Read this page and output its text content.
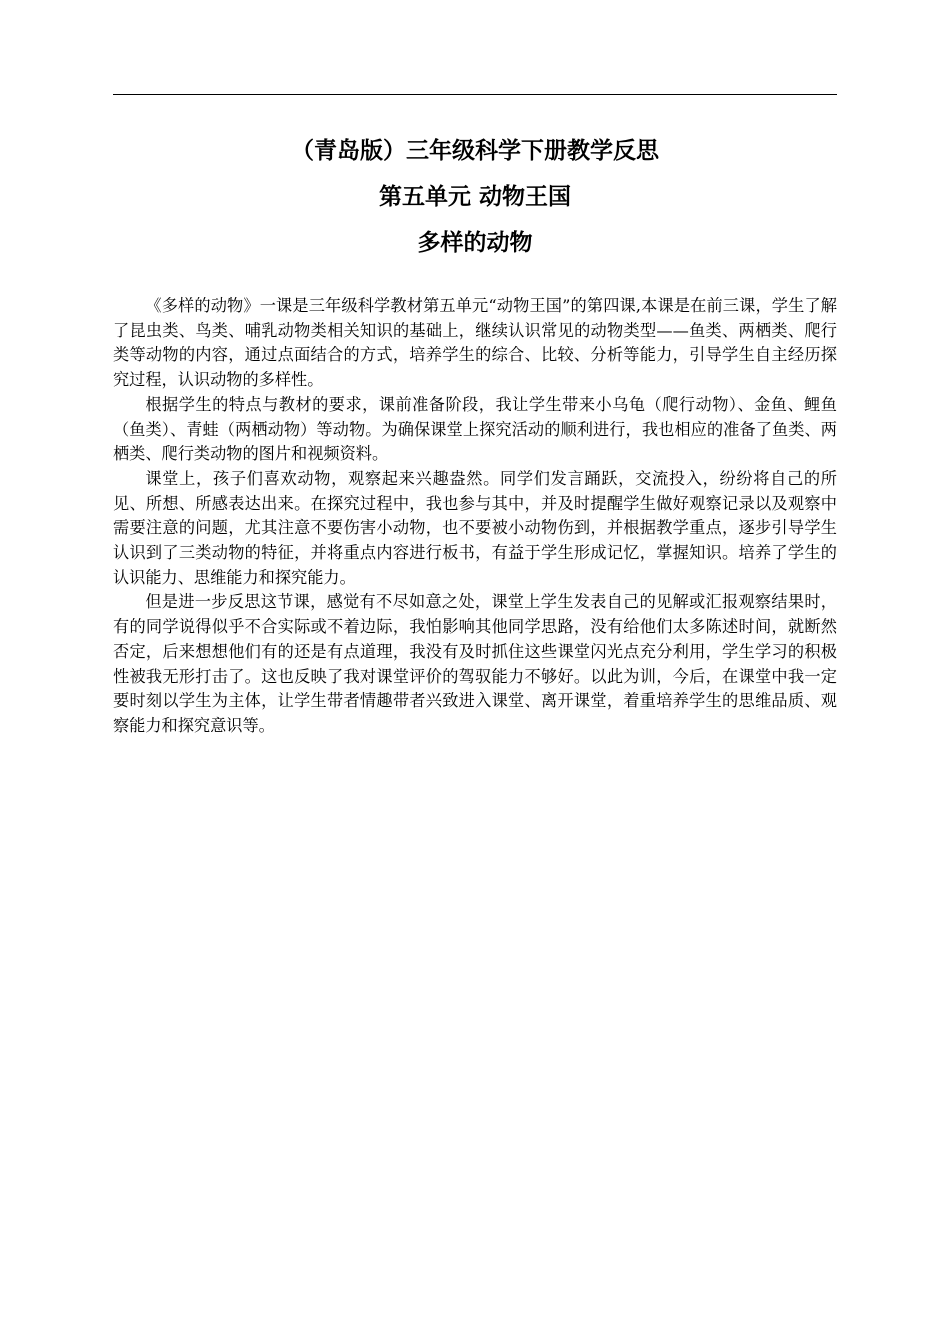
（青岛版）三年级科学下册教学反思
第五单元 动物王国
多样的动物

《多样的动物》一课是三年级科学教材第五单元“动物王国”的第四课,本课是在前三课，学生了解了昆虫类、鸟类、哺乳动物类相关知识的基础上，继续认识常见的动物类型——鱼类、两栖类、爬行类等动物的内容，通过点面结合的方式，培养学生的综合、比较、分析等能力，引导学生自主经历探究过程，认识动物的多样性。

根据学生的特点与教材的要求，课前准备阶段，我让学生带来小乌龟（爬行动物）、金鱼、鲤鱼（鱼类）、青蛙（两栖动物）等动物。为确保课堂上探究活动的顺利进行，我也相应的准备了鱼类、两栖类、爬行类动物的图片和视频资料。

课堂上，孩子们喜欢动物，观察起来兴趣盎然。同学们发言踊跃，交流投入，纷纷将自己的所见、所想、所感表达出来。在探究过程中，我也参与其中，并及时提醒学生做好观察记录以及观察中需要注意的问题，尤其注意不要伤害小动物，也不要被小动物伤到，并根据教学重点，逐步引导学生认识到了三类动物的特征，并将重点内容进行板书，有益于学生形成记忆，掌握知识。培养了学生的认识能力、思维能力和探究能力。

但是进一步反思这节课，感觉有不尽如意之处，课堂上学生发表自己的见解或汇报观察结果时，有的同学说得似乎不合实际或不着边际，我怕影响其他同学思路，没有给他们太多陈述时间，就断然否定，后来想想他们有的还是有点道理，我没有及时抓住这些课堂闪光点充分利用，学生学习的积极性被我无形打击了。这也反映了我对课堂评价的驾驭能力不够好。以此为训，今后，在课堂中我一定要时刻以学生为主体，让学生带者情趣带者兴致进入课堂、离开课堂，着重培养学生的思维品质、观察能力和探究意识等。
